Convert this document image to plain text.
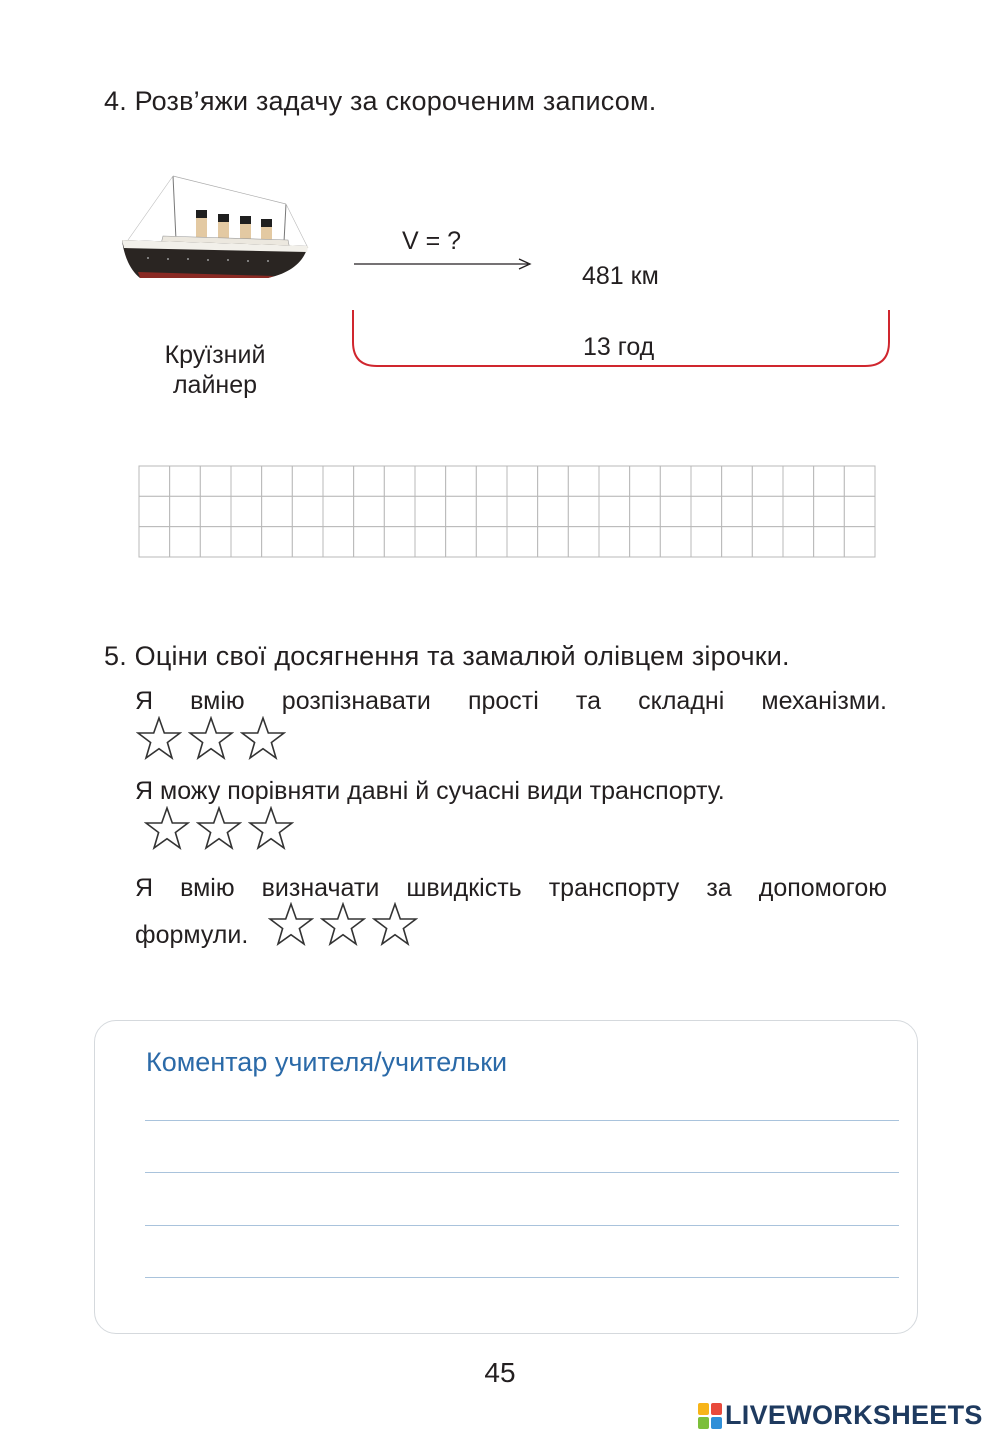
4. Розв’яжи задачу за скороченим записом.
Круїзний
лайнер
V = ?
481 км
13 год
5. Оціни свої досягнення та замалюй олівцем зірочки.
Я вмію розпізнавати прості та складні механізми.
Я можу порівняти давні й сучасні види транспорту.
Я вмію визначати швидкість транспорту за допомогою
формули.
Коментар учителя/учительки
45
LIVEWORKSHEETS
